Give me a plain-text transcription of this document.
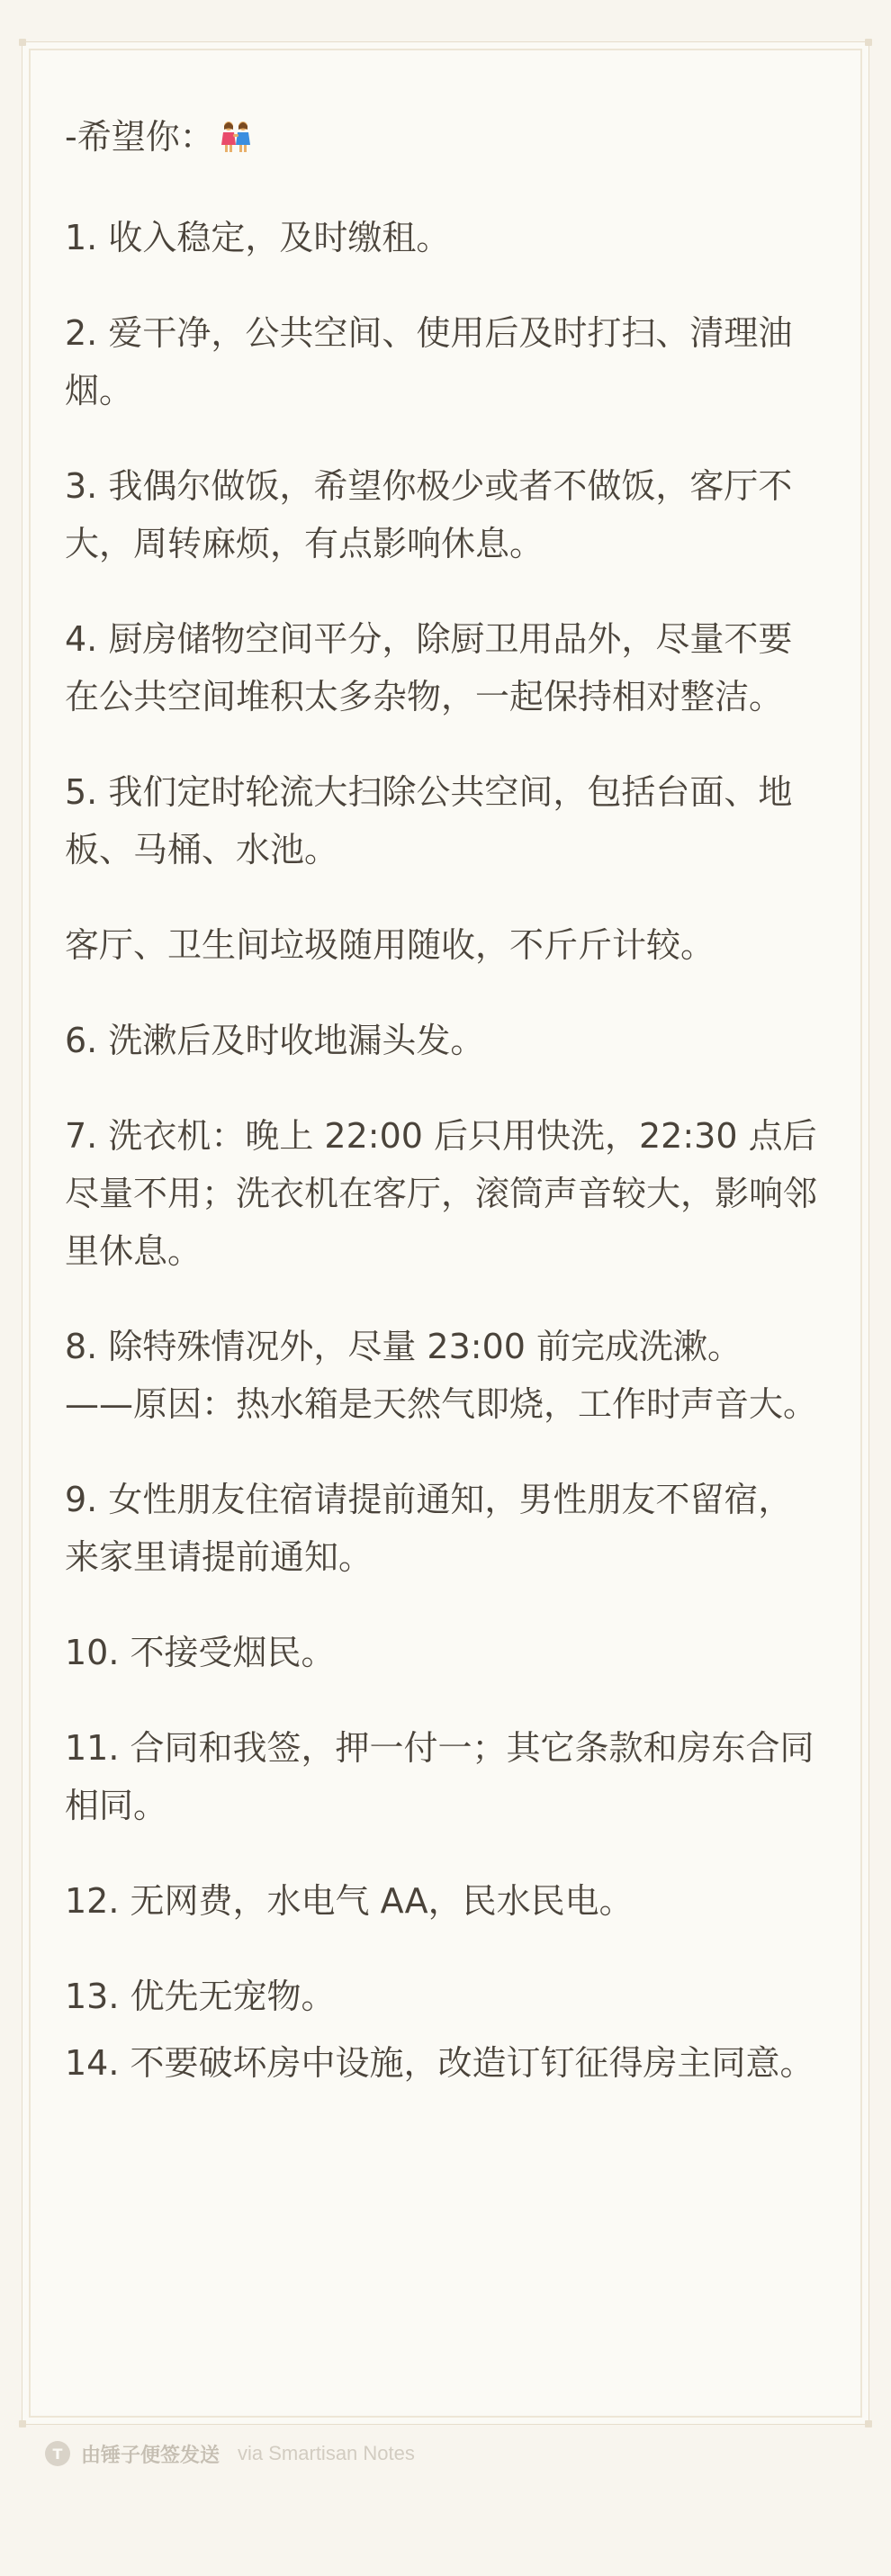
-希望你：

1. 收入稳定，及时缴租。

2. 爱干净，公共空间、使用后及时打扫、清理油烟。

3. 我偶尔做饭，希望你极少或者不做饭，客厅不大，周转麻烦，有点影响休息。

4. 厨房储物空间平分，除厨卫用品外，尽量不要在公共空间堆积太多杂物，一起保持相对整洁。

5. 我们定时轮流大扫除公共空间，包括台面、地板、马桶、水池。

客厅、卫生间垃圾随用随收，不斤斤计较。

6. 洗漱后及时收地漏头发。

7. 洗衣机：晚上 22:00 后只用快洗，22:30 点后尽量不用；洗衣机在客厅，滚筒声音较大，影响邻里休息。

8. 除特殊情况外，尽量 23:00 前完成洗漱。
——原因：热水箱是天然气即烧，工作时声音大。

9. 女性朋友住宿请提前通知，男性朋友不留宿，来家里请提前通知。

10. 不接受烟民。

11. 合同和我签，押一付一；其它条款和房东合同相同。

12. 无网费，水电气 AA，民水民电。

13. 优先无宠物。

14. 不要破坏房中设施，改造订钉征得房主同意。

T 由锤子便签发送 via Smartisan Notes
